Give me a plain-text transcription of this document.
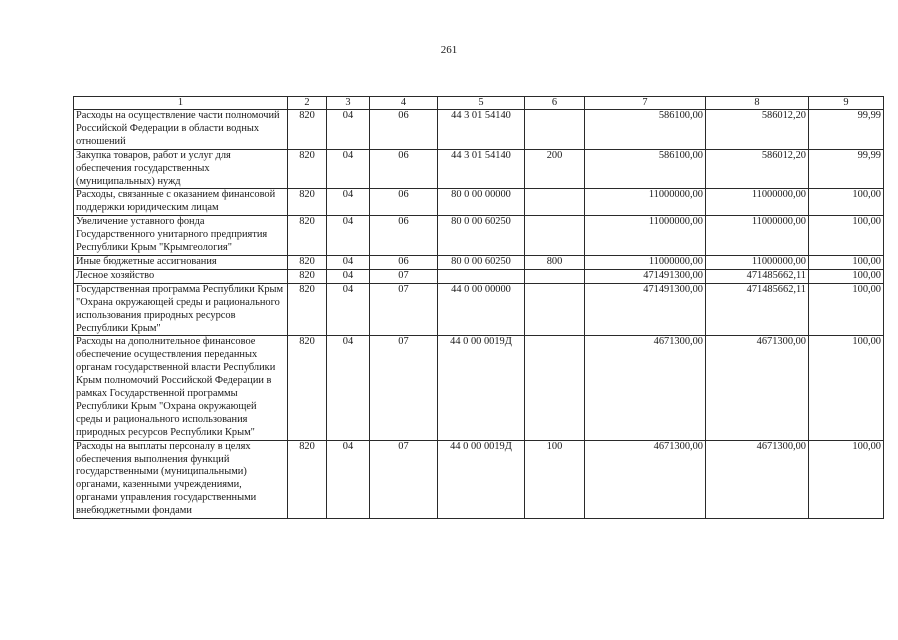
261
1	2	3	4	5	6	7	8	9
Расходы на осуществление части полномочий Российской Федерации в области водных отношений	820	04	06	44 3 01 54140		586100,00	586012,20	99,99
Закупка товаров, работ и услуг для обеспечения государственных (муниципальных) нужд	820	04	06	44 3 01 54140	200	586100,00	586012,20	99,99
Расходы, связанные с оказанием финансовой поддержки юридическим лицам	820	04	06	80 0 00 00000		11000000,00	11000000,00	100,00
Увеличение уставного фонда Государственного унитарного предприятия Республики Крым "Крымгеология"	820	04	06	80 0 00 60250		11000000,00	11000000,00	100,00
Иные бюджетные ассигнования	820	04	06	80 0 00 60250	800	11000000,00	11000000,00	100,00
Лесное хозяйство	820	04	07			471491300,00	471485662,11	100,00
Государственная программа Республики Крым "Охрана окружающей среды и рационального использования природных ресурсов Республики Крым"	820	04	07	44 0 00 00000		471491300,00	471485662,11	100,00
Расходы на дополнительное финансовое обеспечение осуществления переданных органам государственной власти Республики Крым полномочий Российской Федерации в рамках Государственной программы Республики Крым "Охрана окружающей среды и рационального использования природных ресурсов Республики Крым"	820	04	07	44 0 00 0019Д		4671300,00	4671300,00	100,00
Расходы на выплаты персоналу в целях обеспечения выполнения функций государственными (муниципальными) органами, казенными учреждениями, органами управления государственными внебюджетными фондами	820	04	07	44 0 00 0019Д	100	4671300,00	4671300,00	100,00
